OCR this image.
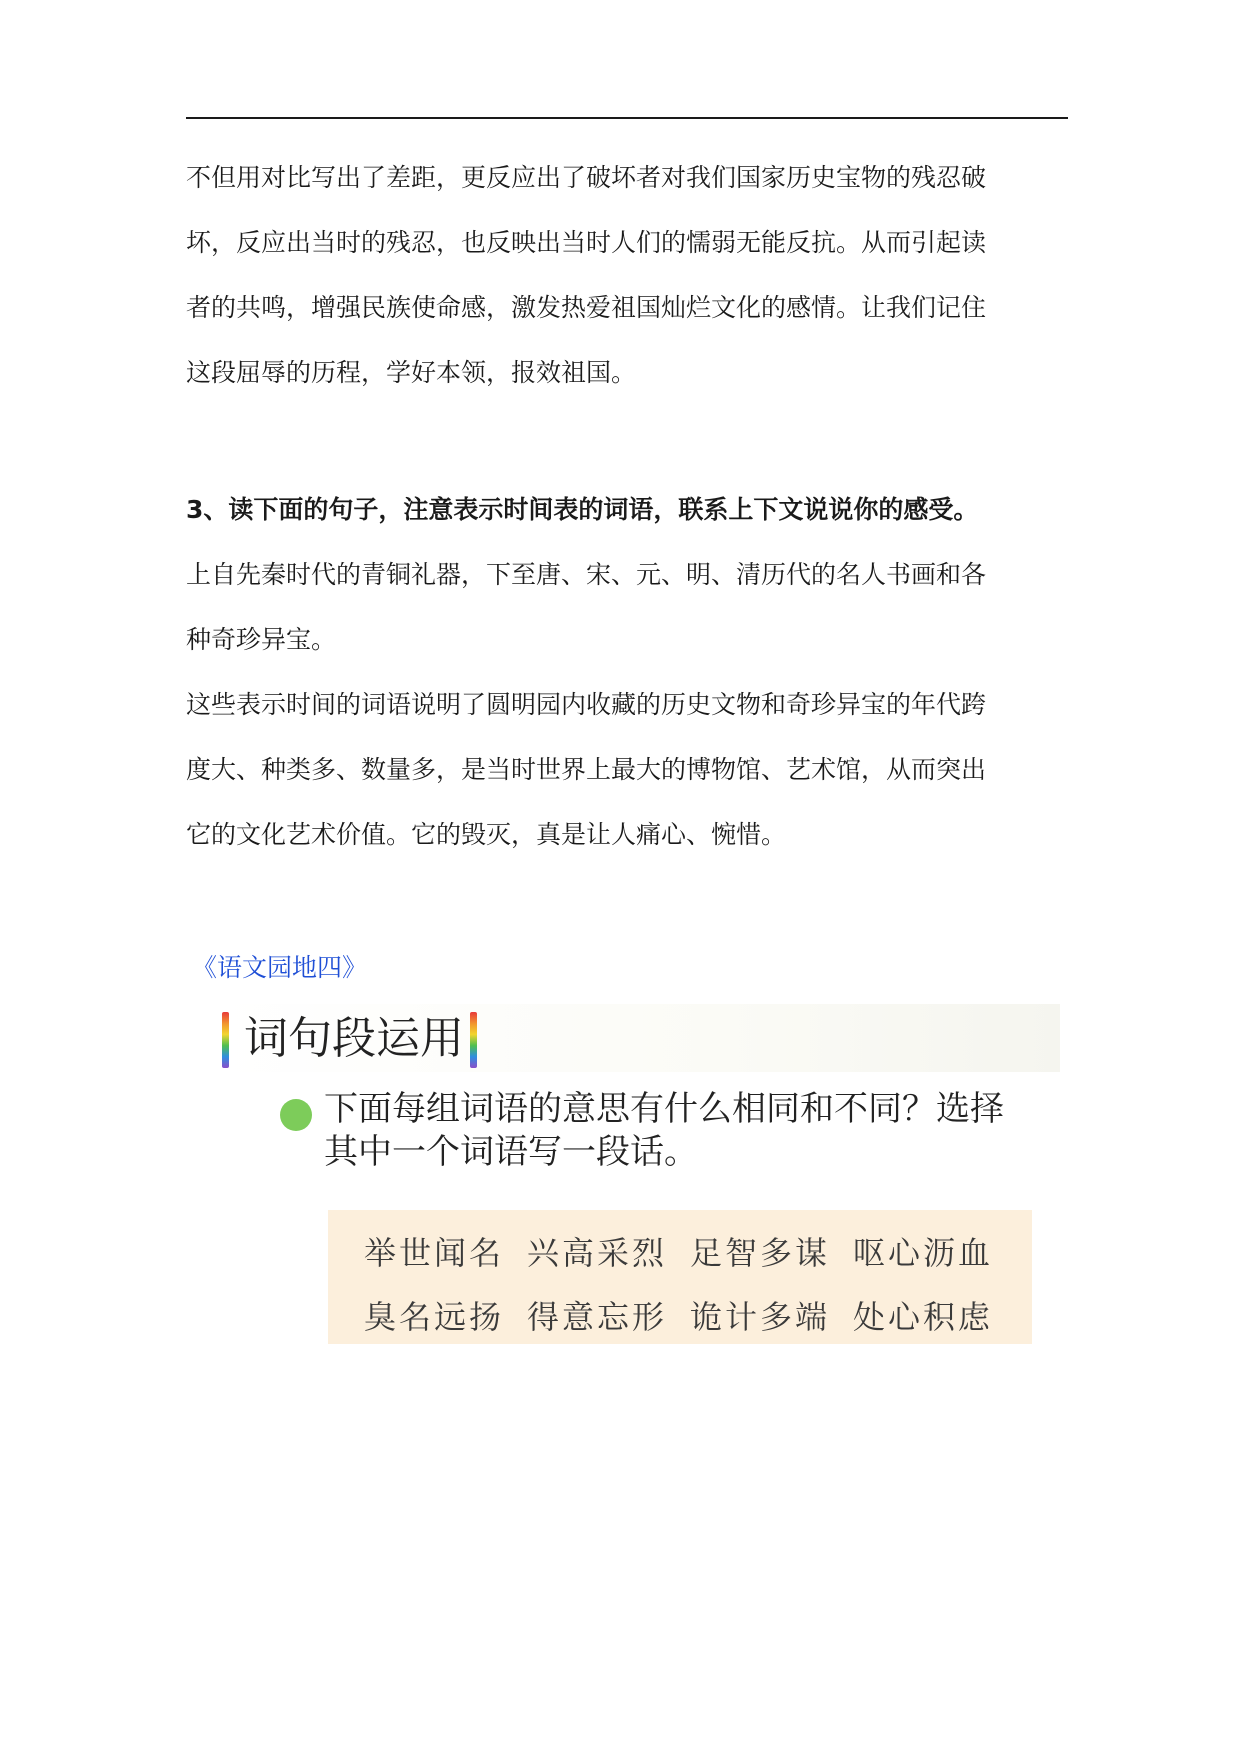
不但用对比写出了差距，更反应出了破坏者对我们国家历史宝物的残忍破
坏，反应出当时的残忍，也反映出当时人们的懦弱无能反抗。从而引起读
者的共鸣，增强民族使命感，激发热爱祖国灿烂文化的感情。让我们记住
这段屈辱的历程，学好本领，报效祖国。
3、读下面的句子，注意表示时间表的词语，联系上下文说说你的感受。
上自先秦时代的青铜礼器，下至唐、宋、元、明、清历代的名人书画和各
种奇珍异宝。
这些表示时间的词语说明了圆明园内收藏的历史文物和奇珍异宝的年代跨
度大、种类多、数量多，是当时世界上最大的博物馆、艺术馆，从而突出
它的文化艺术价值。它的毁灭，真是让人痛心、惋惜。
《语文园地四》
词句段运用
下面每组词语的意思有什么相同和不同？选择
其中一个词语写一段话。
举世闻名 兴高采烈 足智多谋 呕心沥血
臭名远扬 得意忘形 诡计多端 处心积虑
